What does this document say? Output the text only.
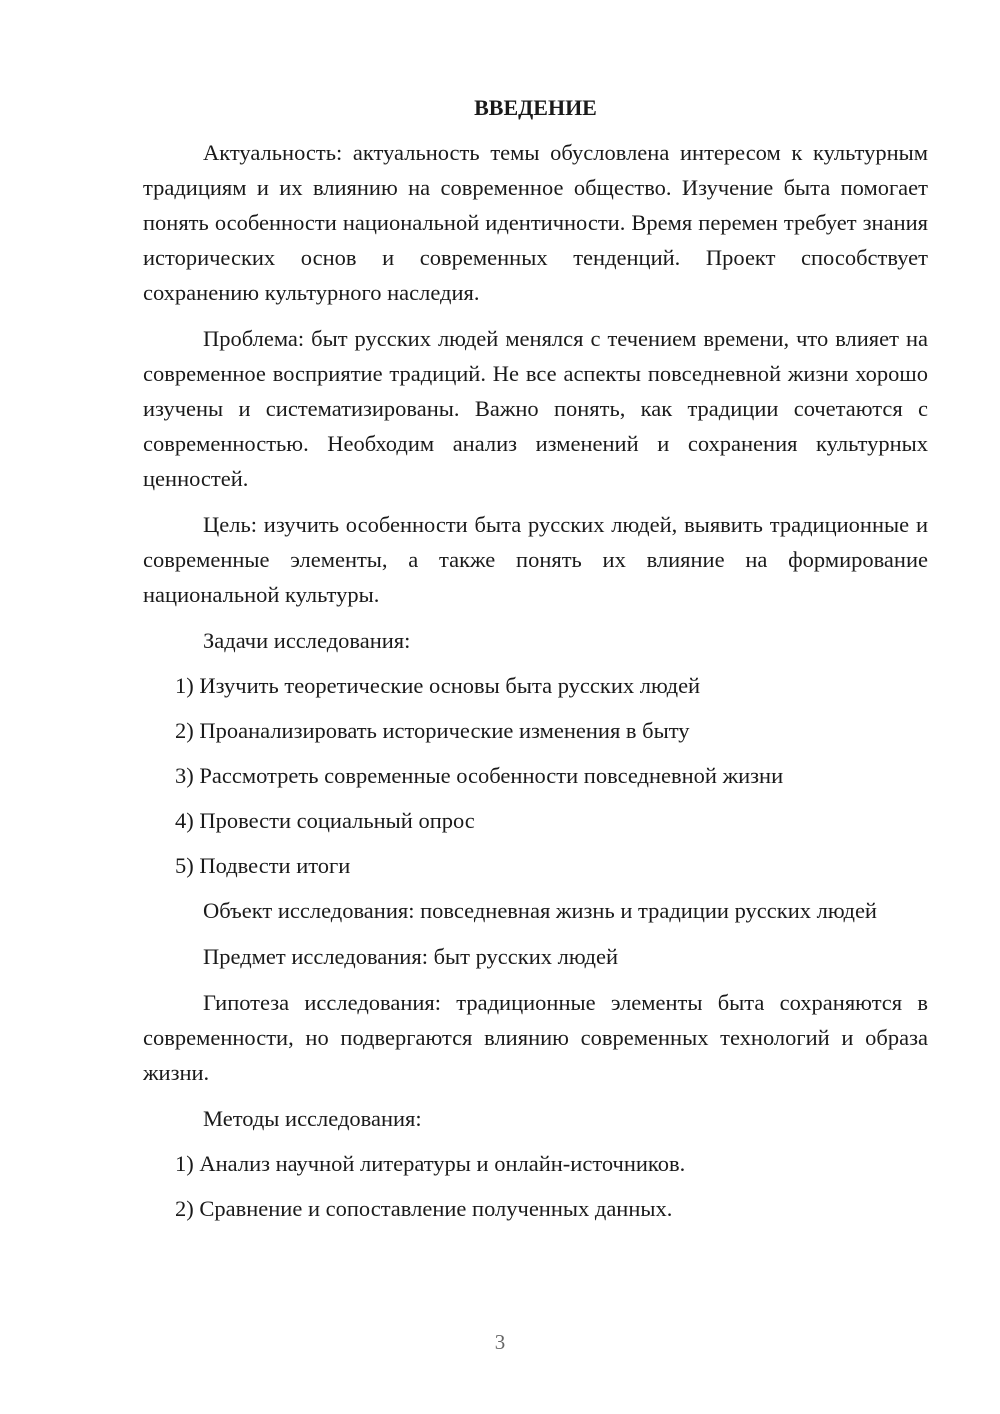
ВВЕДЕНИЕ

Актуальность: актуальность темы обусловлена интересом к культурным традициям и их влиянию на современное общество. Изучение быта помогает понять особенности национальной идентичности. Время перемен требует знания исторических основ и современных тенденций. Проект способствует сохранению культурного наследия.

Проблема: быт русских людей менялся с течением времени, что влияет на современное восприятие традиций. Не все аспекты повседневной жизни хорошо изучены и систематизированы. Важно понять, как традиции сочетаются с современностью. Необходим анализ изменений и сохранения культурных ценностей.

Цель: изучить особенности быта русских людей, выявить традиционные и современные элементы, а также понять их влияние на формирование национальной культуры.

Задачи исследования:

1) Изучить теоретические основы быта русских людей
2) Проанализировать исторические изменения в быту
3) Рассмотреть современные особенности повседневной жизни
4) Провести социальный опрос
5) Подвести итоги

Объект исследования: повседневная жизнь и традиции русских людей

Предмет исследования: быт русских людей

Гипотеза исследования: традиционные элементы быта сохраняются в современности, но подвергаются влиянию современных технологий и образа жизни.

Методы исследования:

1) Анализ научной литературы и онлайн-источников.
2) Сравнение и сопоставление полученных данных.
3
